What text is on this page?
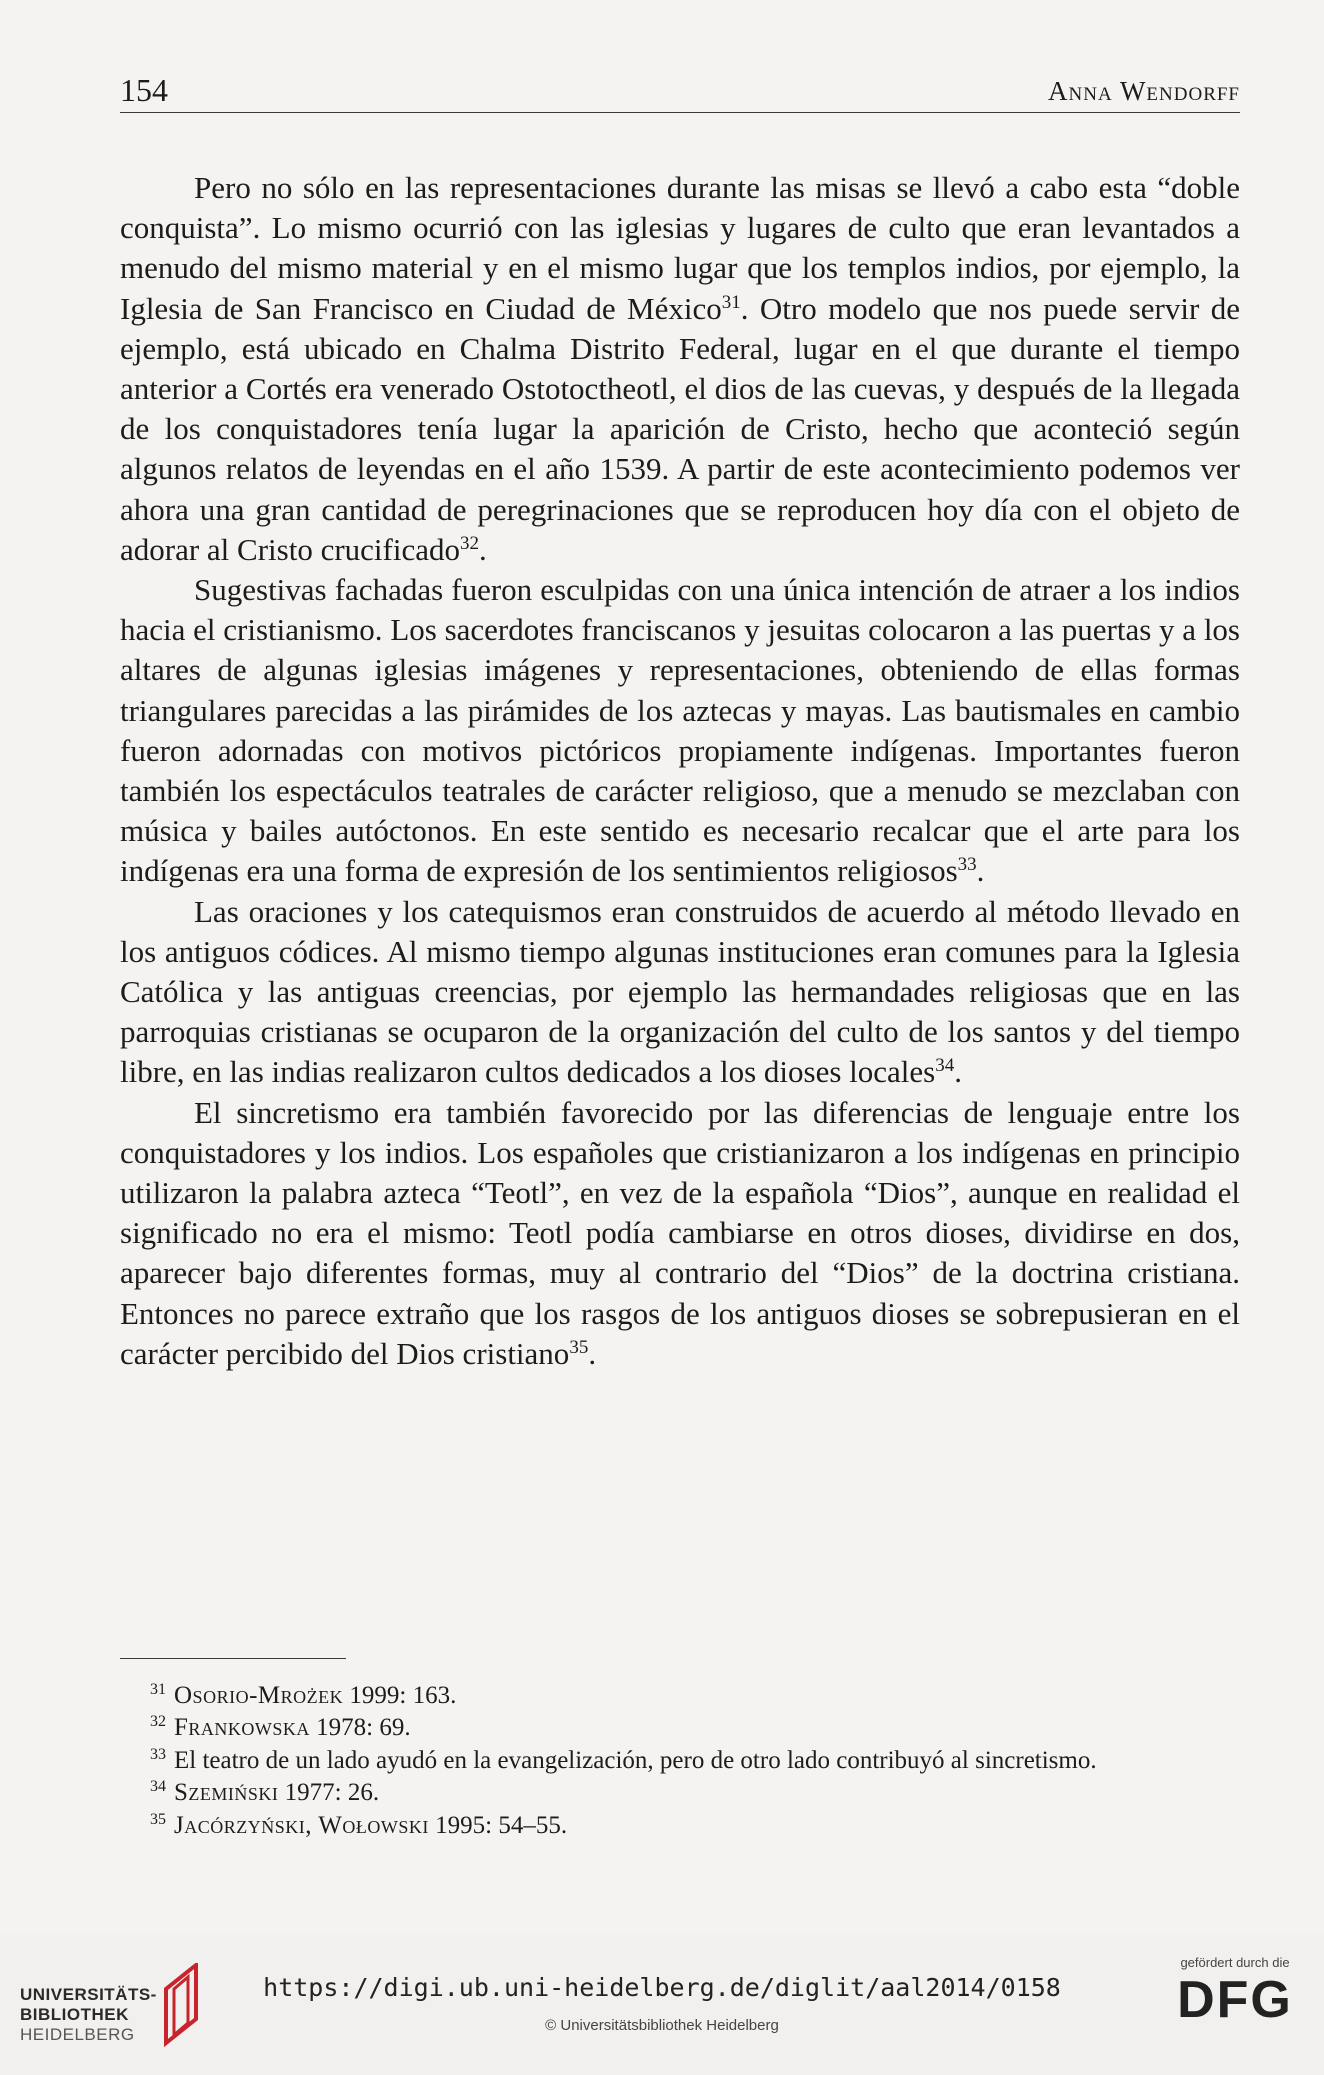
154	Anna Wendorff

Pero no sólo en las representaciones durante las misas se llevó a cabo esta “doble conquista”. Lo mismo ocurrió con las iglesias y lugares de culto que eran levantados a menudo del mismo material y en el mismo lugar que los templos indios, por ejemplo, la Iglesia de San Francisco en Ciudad de México$^{31}$. Otro modelo que nos puede servir de ejemplo, está ubicado en Chalma Distrito Federal, lugar en el que durante el tiempo anterior a Cortés era venerado Ostotoctheotl, el dios de las cuevas, y después de la llegada de los conquistadores tenía lugar la aparición de Cristo, hecho que aconteció según algunos relatos de leyendas en el año 1539. A partir de este acontecimiento podemos ver ahora una gran cantidad de peregrinaciones que se reproducen hoy día con el objeto de adorar al Cristo crucificado$^{32}$.

Sugestivas fachadas fueron esculpidas con una única intención de atraer a los indios hacia el cristianismo. Los sacerdotes franciscanos y jesuitas colocaron a las puertas y a los altares de algunas iglesias imágenes y representaciones, obteniendo de ellas formas triangulares parecidas a las pirámides de los aztecas y mayas. Las bautismales en cambio fueron adornadas con motivos pictóricos propiamente indígenas. Importantes fueron también los espectáculos teatrales de carácter religioso, que a menudo se mezclaban con música y bailes autóctonos. En este sentido es necesario recalcar que el arte para los indígenas era una forma de expresión de los sentimientos religiosos$^{33}$.

Las oraciones y los catequismos eran construidos de acuerdo al método llevado en los antiguos códices. Al mismo tiempo algunas instituciones eran comunes para la Iglesia Católica y las antiguas creencias, por ejemplo las hermandades religiosas que en las parroquias cristianas se ocuparon de la organización del culto de los santos y del tiempo libre, en las indias realizaron cultos dedicados a los dioses locales$^{34}$.

El sincretismo era también favorecido por las diferencias de lenguaje entre los conquistadores y los indios. Los españoles que cristianizaron a los indígenas en principio utilizaron la palabra azteca “Teotl”, en vez de la española “Dios”, aunque en realidad el significado no era el mismo: Teotl podía cambiarse en otros dioses, dividirse en dos, aparecer bajo diferentes formas, muy al contrario del “Dios” de la doctrina cristiana. Entonces no parece extraño que los rasgos de los antiguos dioses se sobrepusieran en el carácter percibido del Dios cristiano$^{35}$.

$^{31}$ Osorio-Mrożek 1999: 163.

$^{32}$ Frankowska 1978: 69.

$^{33}$ El teatro de un lado ayudó en la evangelización, pero de otro lado contribuyó al sincretismo.

$^{34}$ Szemiński 1977: 26.

$^{35}$ Jacórzyński, Wołowski 1995: 54–55.

UNIVERSITÄTS-
BIBLIOTHEK
HEIDELBERG
https://digi.ub.uni-heidelberg.de/diglit/aal2014/0158
© Universitätsbibliothek Heidelberg
gefördert durch die
DFG
